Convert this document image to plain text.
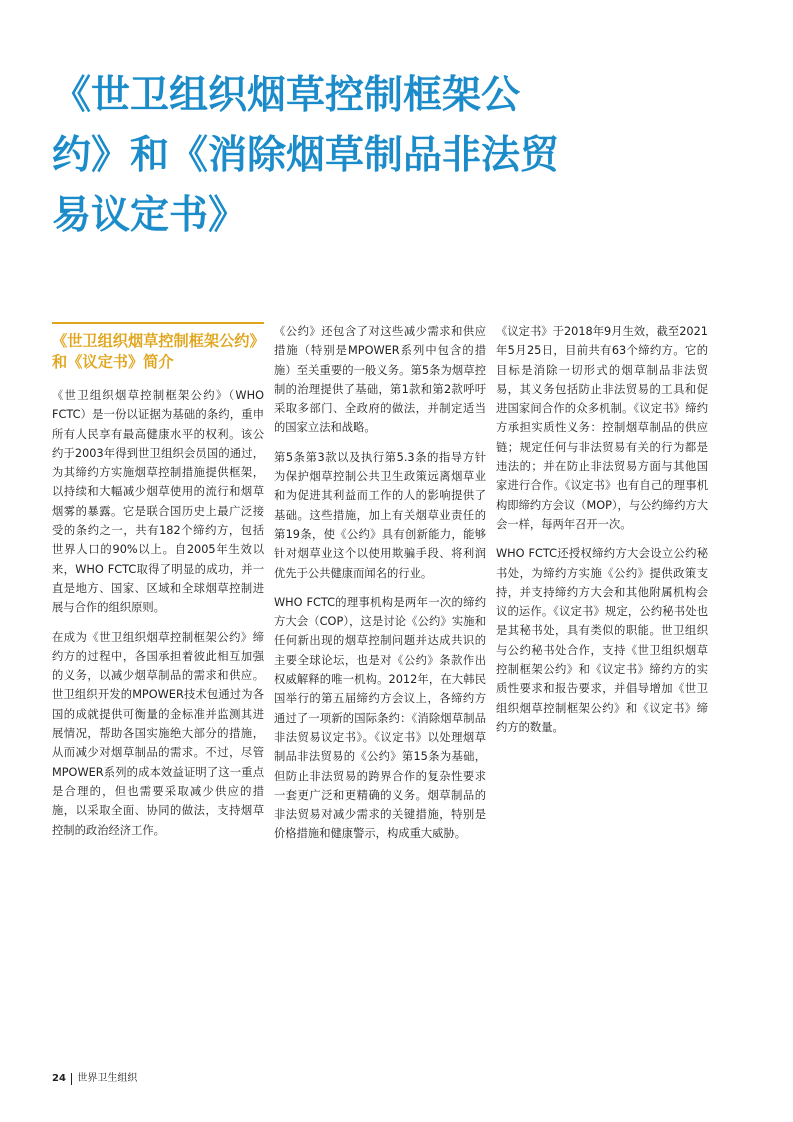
《世卫组织烟草控制框架公约》和《消除烟草制品非法贸易议定书》
《世卫组织烟草控制框架公约》和《议定书》简介

《世卫组织烟草控制框架公约》（WHO FCTC）是一份以证据为基础的条约，重申所有人民享有最高健康水平的权利。该公约于2003年得到世卫组织会员国的通过，为其缔约方实施烟草控制措施提供框架，以持续和大幅减少烟草使用的流行和烟草烟雾的暴露。它是联合国历史上最广泛接受的条约之一，共有182个缔约方，包括世界人口的90%以上。自2005年生效以来，WHO FCTC取得了明显的成功，并一直是地方、国家、区域和全球烟草控制进展与合作的组织原则。

在成为《世卫组织烟草控制框架公约》缔约方的过程中，各国承担着彼此相互加强的义务，以减少烟草制品的需求和供应。世卫组织开发的MPOWER技术包通过为各国的成就提供可衡量的金标准并监测其进展情况，帮助各国实施绝大部分的措施，从而减少对烟草制品的需求。不过，尽管MPOWER系列的成本效益证明了这一重点是合理的，但也需要采取减少供应的措施，以采取全面、协同的做法，支持烟草控制的政治经济工作。

《公约》还包含了对这些减少需求和供应措施（特别是MPOWER系列中包含的措施）至关重要的一般义务。第5条为烟草控制的治理提供了基础，第1款和第2款呼吁采取多部门、全政府的做法，并制定适当的国家立法和战略。

第5条第3款以及执行第5.3条的指导方针为保护烟草控制公共卫生政策远离烟草业和为促进其利益而工作的人的影响提供了基础。这些措施，加上有关烟草业责任的第19条，使《公约》具有创新能力，能够针对烟草业这个以使用欺骗手段、将利润优先于公共健康而闻名的行业。

WHO FCTC的理事机构是两年一次的缔约方大会（COP），这是讨论《公约》实施和任何新出现的烟草控制问题并达成共识的主要全球论坛，也是对《公约》条款作出权威解释的唯一机构。2012年，在大韩民国举行的第五届缔约方会议上，各缔约方通过了一项新的国际条约：《消除烟草制品非法贸易议定书》。《议定书》以处理烟草制品非法贸易的《公约》第15条为基础，但防止非法贸易的跨界合作的复杂性要求一套更广泛和更精确的义务。烟草制品的非法贸易对减少需求的关键措施，特别是价格措施和健康警示，构成重大威胁。

《议定书》于2018年9月生效，截至2021年5月25日，目前共有63个缔约方。它的目标是消除一切形式的烟草制品非法贸易，其义务包括防止非法贸易的工具和促进国家间合作的众多机制。《议定书》缔约方承担实质性义务：控制烟草制品的供应链；规定任何与非法贸易有关的行为都是违法的；并在防止非法贸易方面与其他国家进行合作。《议定书》也有自己的理事机构即缔约方会议（MOP），与公约缔约方大会一样，每两年召开一次。

WHO FCTC还授权缔约方大会设立公约秘书处，为缔约方实施《公约》提供政策支持，并支持缔约方大会和其他附属机构会议的运作。《议定书》规定，公约秘书处也是其秘书处，具有类似的职能。世卫组织与公约秘书处合作，支持《世卫组织烟草控制框架公约》和《议定书》缔约方的实质性要求和报告要求，并倡导增加《世卫组织烟草控制框架公约》和《议定书》缔约方的数量。

24 世界卫生组织
